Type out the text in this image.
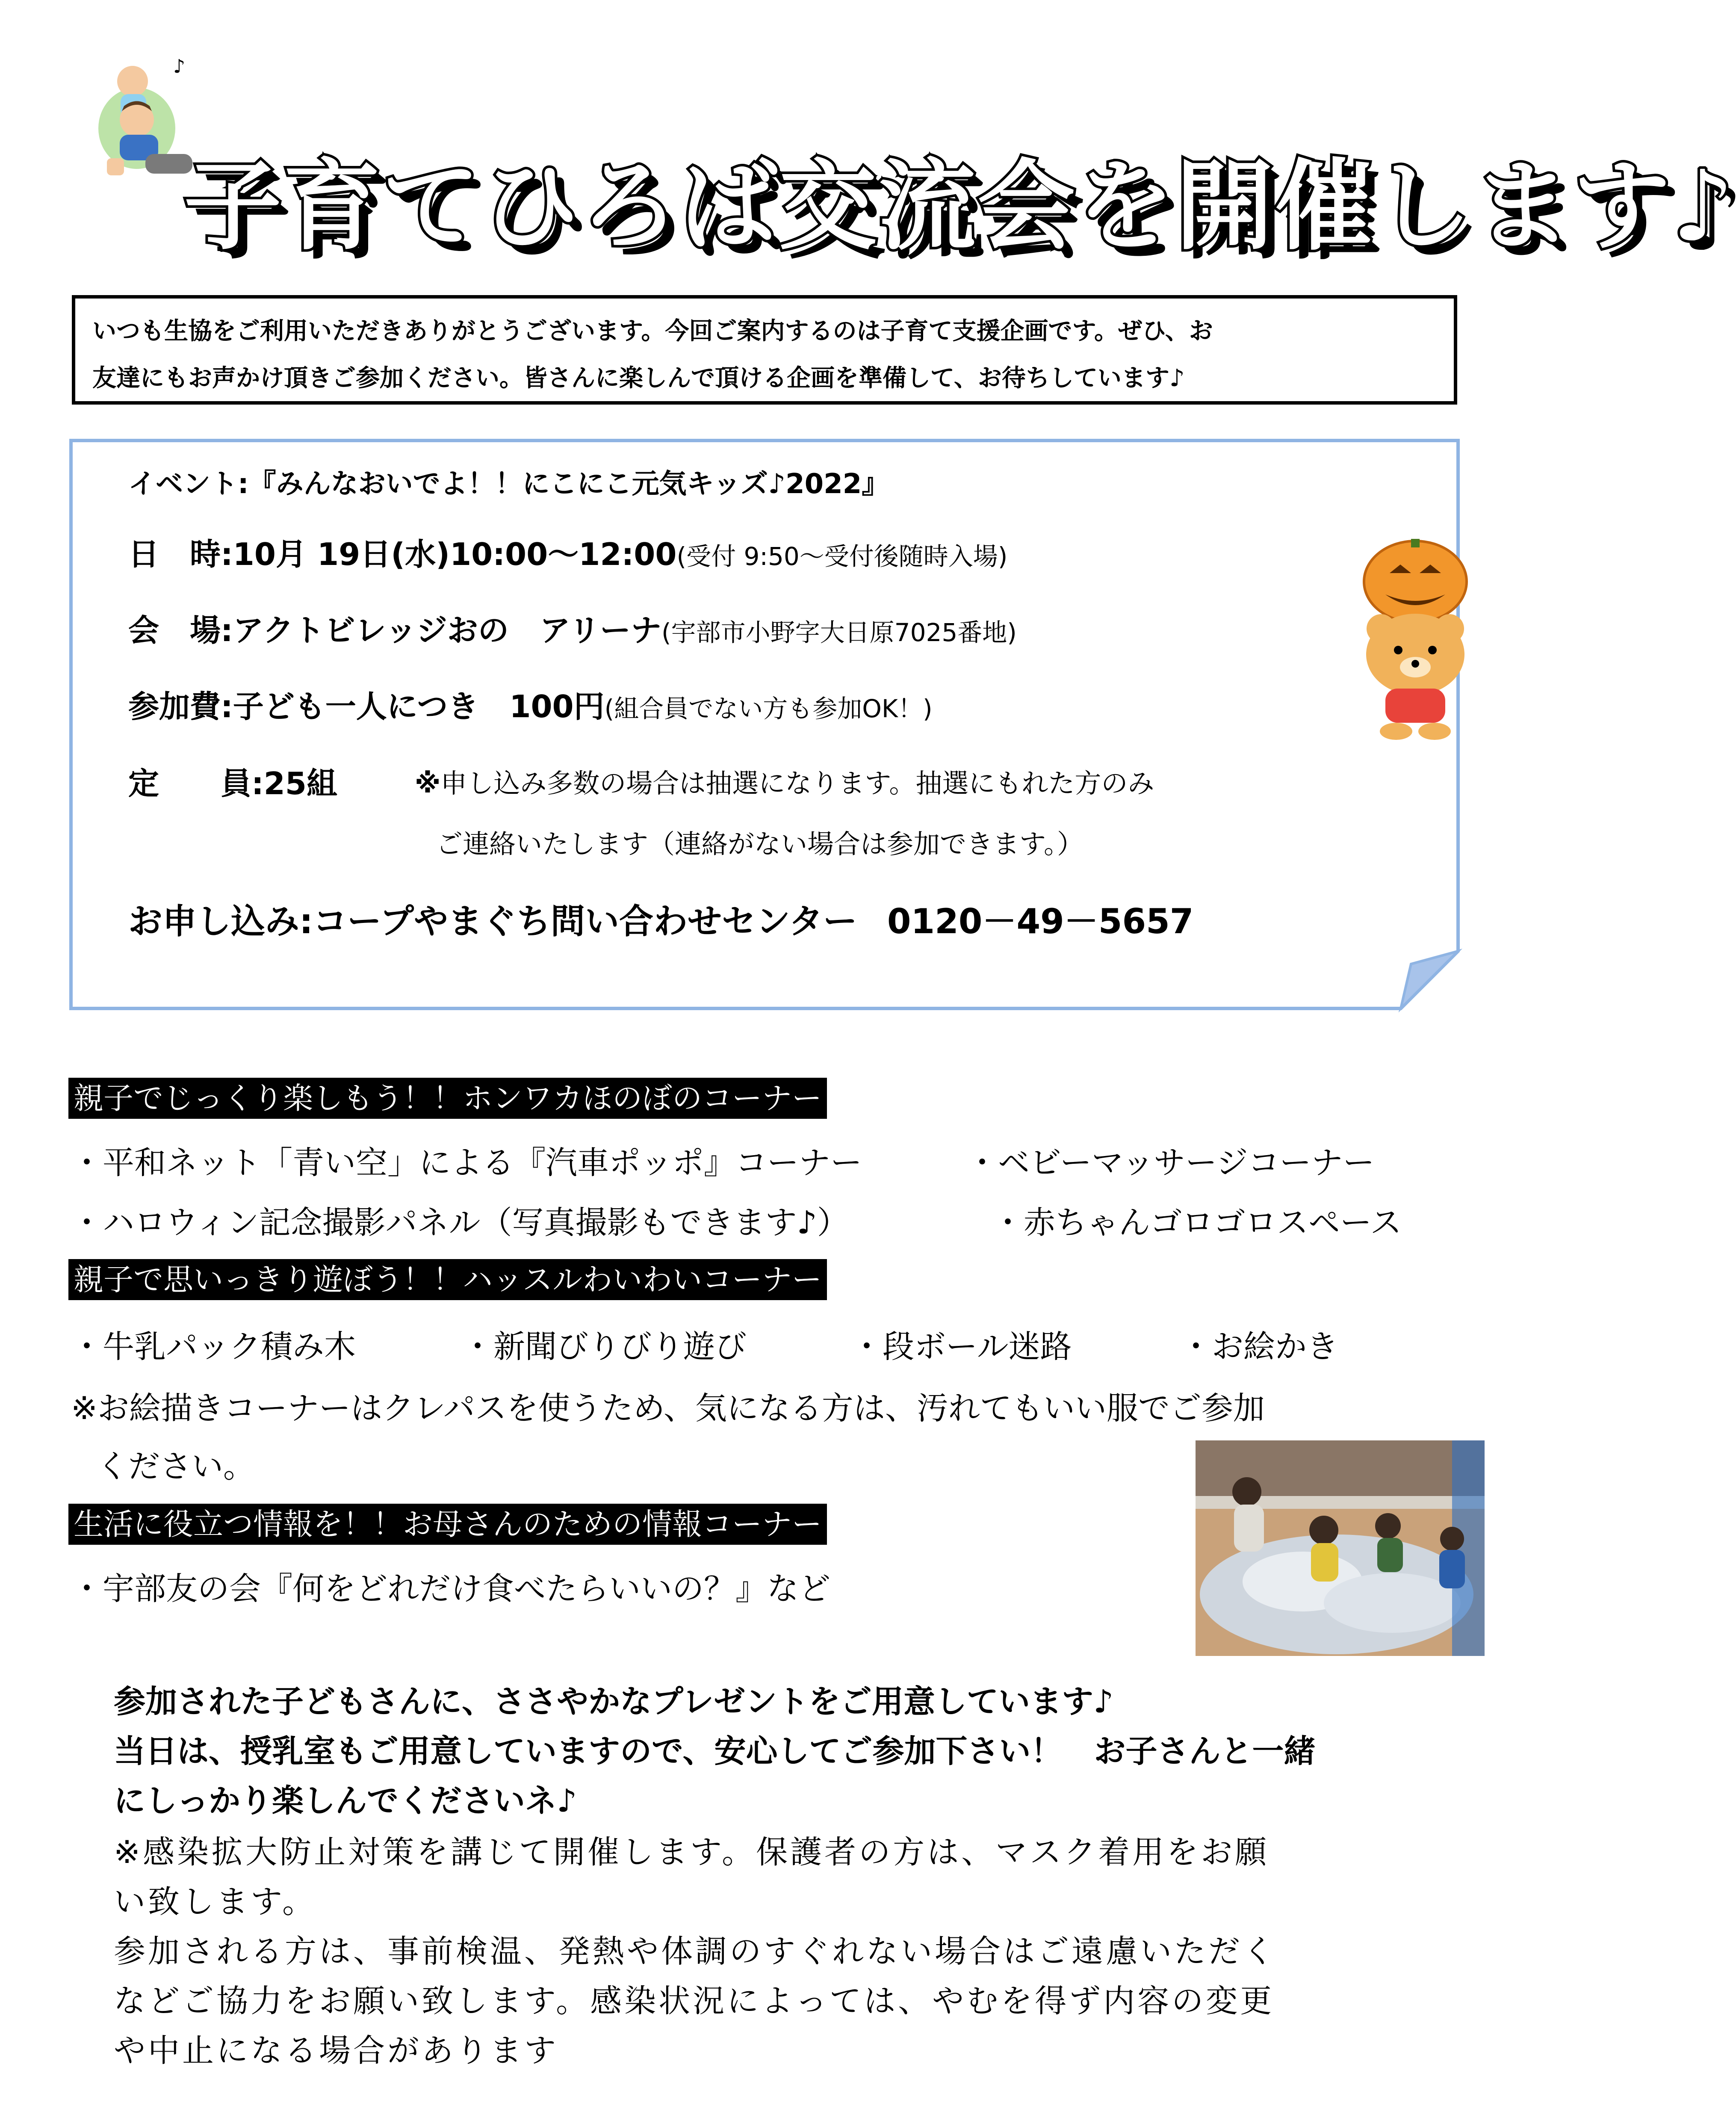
♪
子育てひろば交流会を開催します♪

いつも生協をご利用いただきありがとうございます。今回ご案内するのは子育て支援企画です。ぜひ、お

友達にもお声かけ頂きご参加ください。皆さんに楽しんで頂ける企画を準備して、お待ちしています♪

イベント:『みんなおいでよ！！にこにこ元気キッズ♪2022』
日　時:10月 19日(水)10:00～12:00(受付 9:50～受付後随時入場)
会　場:アクトビレッジおの　アリーナ(宇部市小野字大日原7025番地)
参加費:子ども一人につき　100円(組合員でない方も参加OK！)
定　　員:25組	※申し込み多数の場合は抽選になります。抽選にもれた方のみ
ご連絡いたします（連絡がない場合は参加できます。）
お申し込み:コープやまぐち問い合わせセンター 0120－49－5657
親子でじっくり楽しもう！！ホンワカほのぼのコーナー
・平和ネット「青い空」による『汽車ポッポ』コーナー	・ベビーマッサージコーナー
・ハロウィン記念撮影パネル（写真撮影もできます♪）	・赤ちゃんゴロゴロスペース
親子で思いっきり遊ぼう！！ハッスルわいわいコーナー
・牛乳パック積み木	・新聞びりびり遊び	・段ボール迷路	・お絵かき
※お絵描きコーナーはクレパスを使うため、気になる方は、汚れてもいい服でご参加
ください。
生活に役立つ情報を！！お母さんのための情報コーナー
・宇部友の会『何をどれだけ食べたらいいの？』など
参加された子どもさんに、ささやかなプレゼントをご用意しています♪
当日は、授乳室もご用意していますので、安心してご参加下さい！　お子さんと一緒
にしっかり楽しんでくださいネ♪
※感染拡大防止対策を講じて開催します。保護者の方は、マスク着用をお願
い致します。
参加される方は、事前検温、発熱や体調のすぐれない場合はご遠慮いただく
などご協力をお願い致します。感染状況によっては、やむを得ず内容の変更
や中止になる場合があります
